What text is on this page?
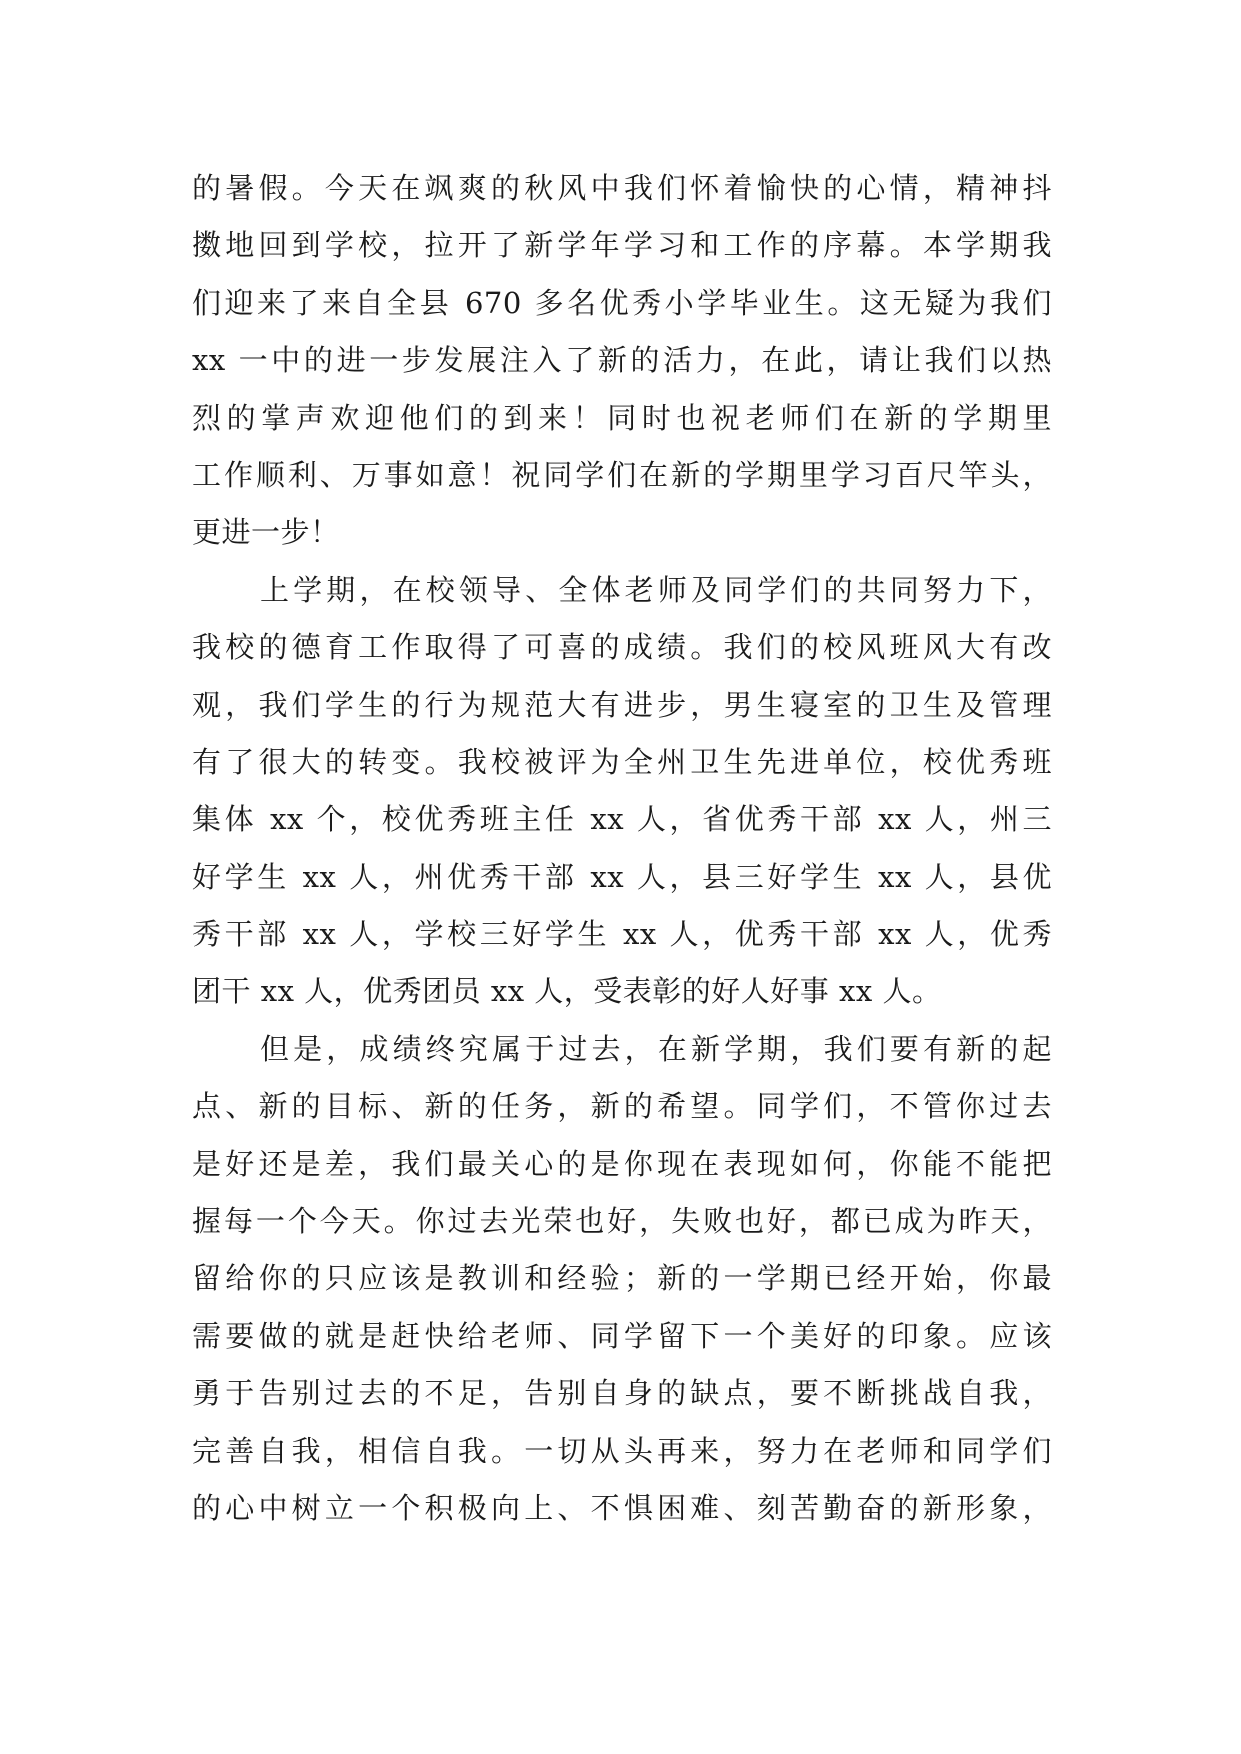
的暑假。今天在飒爽的秋风中我们怀着愉快的心情，精神抖
擞地回到学校，拉开了新学年学习和工作的序幕。本学期我
们迎来了来自全县 670 多名优秀小学毕业生。这无疑为我们
xx 一中的进一步发展注入了新的活力，在此，请让我们以热
烈的掌声欢迎他们的到来！同时也祝老师们在新的学期里
工作顺利、万事如意！祝同学们在新的学期里学习百尺竿头，
更进一步！
上学期，在校领导、全体老师及同学们的共同努力下，
我校的德育工作取得了可喜的成绩。我们的校风班风大有改
观，我们学生的行为规范大有进步，男生寝室的卫生及管理
有了很大的转变。我校被评为全州卫生先进单位，校优秀班
集体 xx 个，校优秀班主任 xx 人，省优秀干部 xx 人，州三
好学生 xx 人，州优秀干部 xx 人，县三好学生 xx 人，县优
秀干部 xx 人，学校三好学生 xx 人，优秀干部 xx 人，优秀
团干 xx 人，优秀团员 xx 人，受表彰的好人好事 xx 人。
但是，成绩终究属于过去，在新学期，我们要有新的起
点、新的目标、新的任务，新的希望。同学们，不管你过去
是好还是差，我们最关心的是你现在表现如何，你能不能把
握每一个今天。你过去光荣也好，失败也好，都已成为昨天，
留给你的只应该是教训和经验；新的一学期已经开始，你最
需要做的就是赶快给老师、同学留下一个美好的印象。应该
勇于告别过去的不足，告别自身的缺点，要不断挑战自我，
完善自我，相信自我。一切从头再来，努力在老师和同学们
的心中树立一个积极向上、不惧困难、刻苦勤奋的新形象，
